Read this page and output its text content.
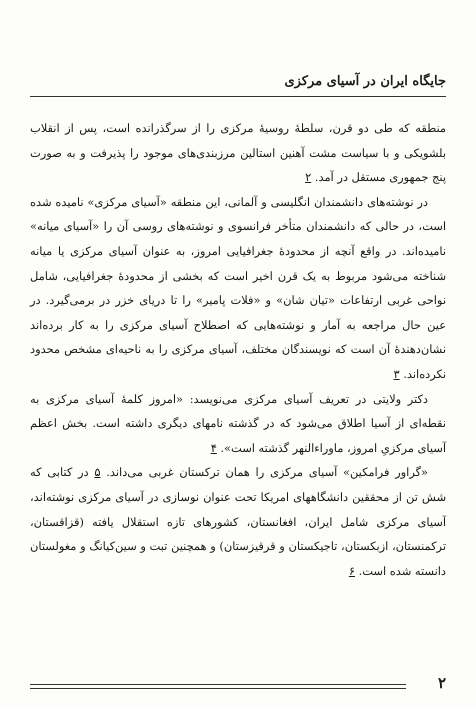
جایگاه ایران در آسیای مرکزی

منطقه که طی دو قرن، سلطهٔ روسیهٔ مرکزی را از سرگذرانده است، پس از انقلاب بلشویکی و با سیاست مشت آهنین استالین مرزبندی‌های موجود را پذیرفت و به صورت پنج جمهوری مستقل در آمد. ۲

در نوشته‌های دانشمندان انگلیسی و آلمانی، این منطقه «آسیای مرکزی» نامیده شده است، در حالی که دانشمندان متأخر فرانسوی و نوشته‌های روسی آن را «آسیای میانه» نامیده‌اند. در واقع آنچه از محدودهٔ جغرافیایی امروز، به عنوان آسیای مرکزی یا میانه شناخته می‌شود مربوط به یک قرن اخیر است که بخشی از محدودهٔ جغرافیایی، شامل نواحی غربی ارتفاعات «تیان شان» و «فلات پامیر» را تا دریای خزر در برمی‌گیرد. در عین حال مراجعه به آمار و نوشته‌هایی که اصطلاح آسیای مرکزی را به کار برده‌اند نشان‌دهندهٔ آن است که نویسندگان مختلف، آسیای مرکزی را به ناحیه‌ای مشخص محدود نکرده‌اند. ۳

دکتر ولایتی در تعریف آسیای مرکزی می‌نویسد: «امروز کلمهٔ آسیای مرکزی به نقطه‌ای از آسیا اطلاق می‌شود که در گذشته نامهای دیگری داشته است. بخش اعظم آسیای مرکزیِ امروز، ماوراءالنهر گذشته است». ۴

«گراور فرامکین» آسیای مرکزی را همان ترکستان غربی می‌داند. ۵ در کتابی که شش تن از محققین دانشگاههای امریکا تحت عنوان نوسازی در آسیای مرکزی نوشته‌اند، آسیای مرکزی شامل ایران، افغانستان، کشورهای تازه استقلال یافته (قزاقستان، ترکمنستان، ازبکستان، تاجیکستان و قرقیزستان) و همچنین تبت و سین‌کیانگ و مغولستان دانسته شده است. ۶

۲
